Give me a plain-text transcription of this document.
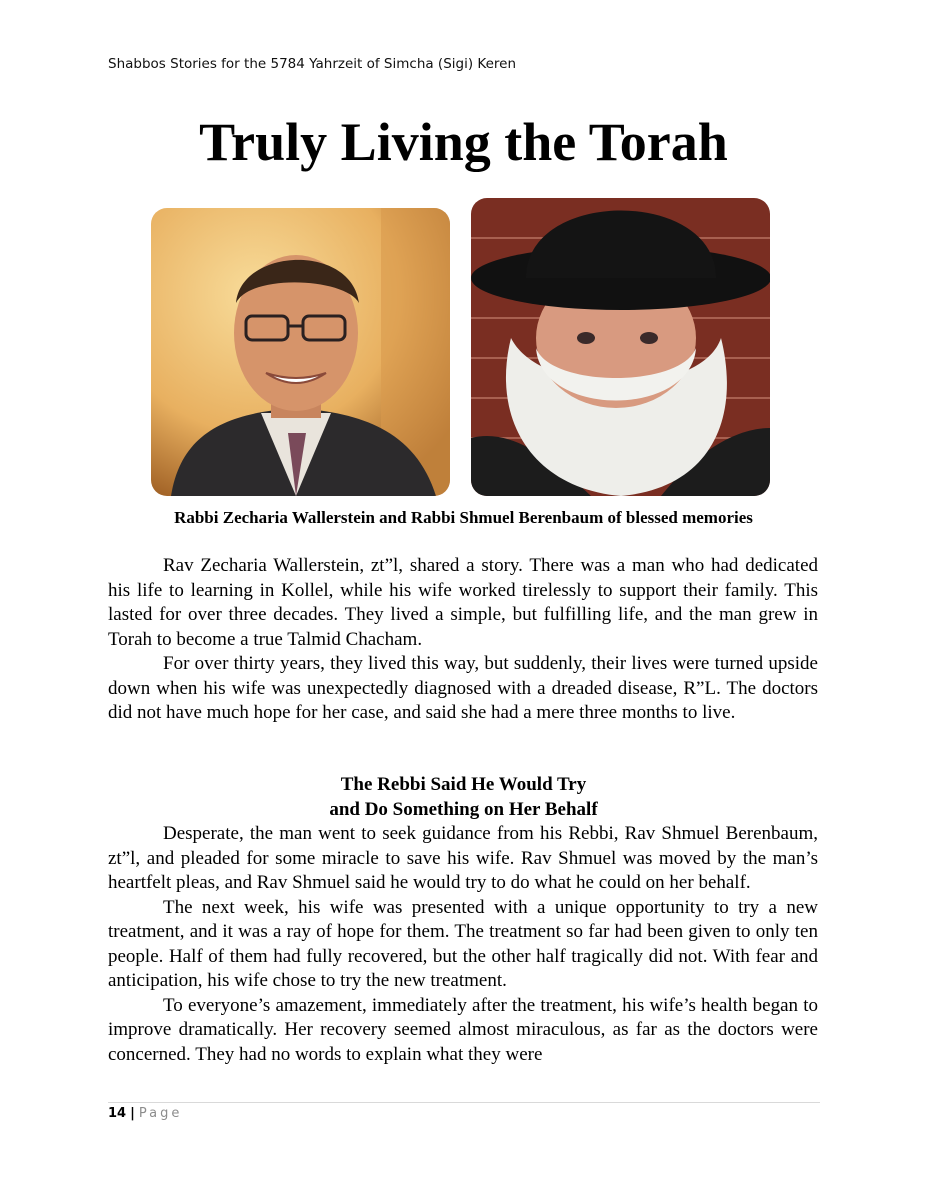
Shabbos Stories for the 5784 Yahrzeit of Simcha (Sigi) Keren
Truly Living the Torah
Rabbi Zecharia Wallerstein and Rabbi Shmuel Berenbaum of blessed memories

Rav Zecharia Wallerstein, zt”l, shared a story. There was a man who had dedicated his life to learning in Kollel, while his wife worked tirelessly to support their family. This lasted for over three decades. They lived a simple, but fulfilling life, and the man grew in Torah to become a true Talmid Chacham.

For over thirty years, they lived this way, but suddenly, their lives were turned upside down when his wife was unexpectedly diagnosed with a dreaded disease, R”L. The doctors did not have much hope for her case, and said she had a mere three months to live.

The Rebbi Said He Would Try
and Do Something on Her Behalf

Desperate, the man went to seek guidance from his Rebbi, Rav Shmuel Berenbaum, zt”l, and pleaded for some miracle to save his wife. Rav Shmuel was moved by the man’s heartfelt pleas, and Rav Shmuel said he would try to do what he could on her behalf.

The next week, his wife was presented with a unique opportunity to try a new treatment, and it was a ray of hope for them. The treatment so far had been given to only ten people. Half of them had fully recovered, but the other half tragically did not. With fear and anticipation, his wife chose to try the new treatment.

To everyone’s amazement, immediately after the treatment, his wife’s health began to improve dramatically. Her recovery seemed almost miraculous, as far as the doctors were concerned. They had no words to explain what they were

14 | Page
